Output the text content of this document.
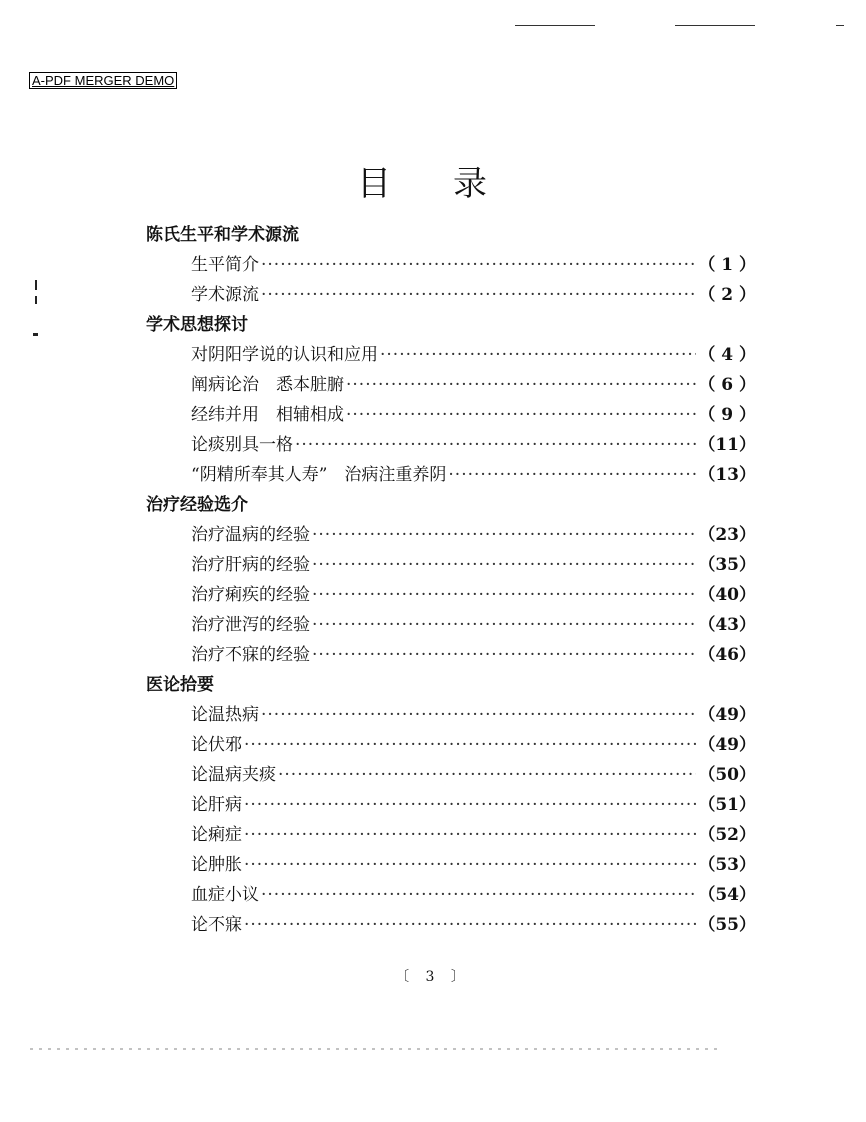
A-PDF MERGER DEMO
目录
陈氏生平和学术源流
生平简介 ·····	（ 1 ）
学术源流 ·····	（ 2 ）
学术思想探讨
对阴阳学说的认识和应用 ·····	（ 4 ）
阐病论治　悉本脏腑 ·····	（ 6 ）
经纬并用　相辅相成 ·····	（ 9 ）
论痰别具一格 ·····	（11）
“阴精所奉其人寿”　治病注重养阴 ·····	（13）
治疗经验选介
治疗温病的经验 ·····	（23）
治疗肝病的经验 ·····	（35）
治疗痢疾的经验 ·····	（40）
治疗泄泻的经验 ·····	（43）
治疗不寐的经验 ·····	（46）
医论拾要
论温热病 ·····	（49）
论伏邪 ·····	（49）
论温病夹痰 ·····	（50）
论肝病 ·····	（51）
论痢症 ·····	（52）
论肿胀 ·····	（53）
血症小议 ·····	（54）
论不寐 ·····	（55）
〔 3 〕
